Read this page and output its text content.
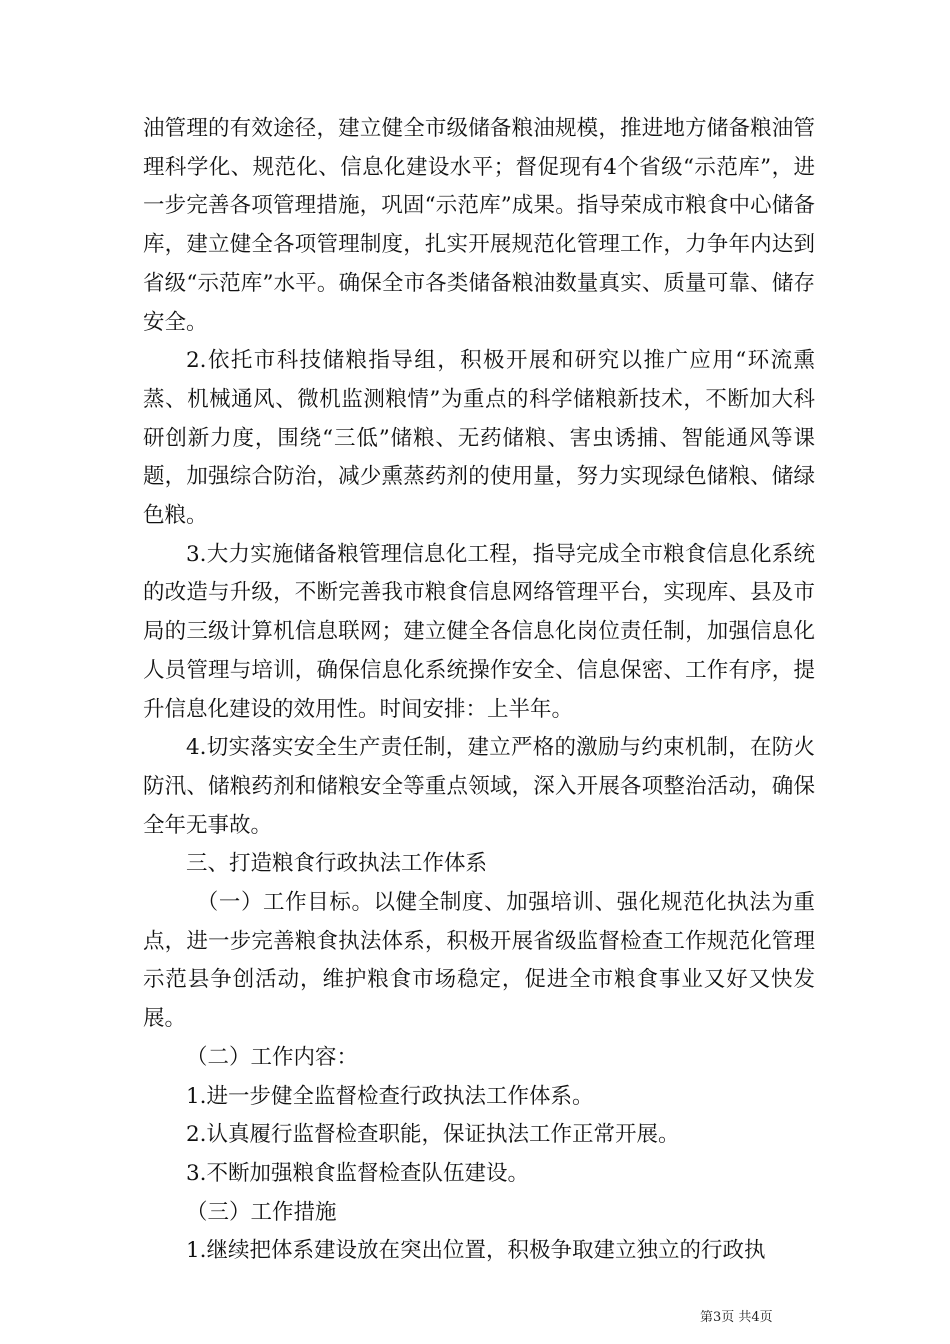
油管理的有效途径，建立健全市级储备粮油规模，推进地方储备粮油管理科学化、规范化、信息化建设水平；督促现有4个省级“示范库”，进一步完善各项管理措施，巩固“示范库”成果。指导荣成市粮食中心储备库，建立健全各项管理制度，扎实开展规范化管理工作，力争年内达到省级“示范库”水平。确保全市各类储备粮油数量真实、质量可靠、储存安全。

2.依托市科技储粮指导组，积极开展和研究以推广应用“环流熏蒸、机械通风、微机监测粮情”为重点的科学储粮新技术，不断加大科研创新力度，围绕“三低”储粮、无药储粮、害虫诱捕、智能通风等课题，加强综合防治，减少熏蒸药剂的使用量，努力实现绿色储粮、储绿色粮。

3.大力实施储备粮管理信息化工程，指导完成全市粮食信息化系统的改造与升级，不断完善我市粮食信息网络管理平台，实现库、县及市局的三级计算机信息联网；建立健全各信息化岗位责任制，加强信息化人员管理与培训，确保信息化系统操作安全、信息保密、工作有序，提升信息化建设的效用性。时间安排：上半年。

4.切实落实安全生产责任制，建立严格的激励与约束机制，在防火防汛、储粮药剂和储粮安全等重点领域，深入开展各项整治活动，确保全年无事故。

三、打造粮食行政执法工作体系

（一）工作目标。以健全制度、加强培训、强化规范化执法为重点，进一步完善粮食执法体系，积极开展省级监督检查工作规范化管理示范县争创活动，维护粮食市场稳定，促进全市粮食事业又好又快发展。

（二）工作内容：

1.进一步健全监督检查行政执法工作体系。

2.认真履行监督检查职能，保证执法工作正常开展。

3.不断加强粮食监督检查队伍建设。

（三）工作措施

1.继续把体系建设放在突出位置，积极争取建立独立的行政执

第3页 共4页
